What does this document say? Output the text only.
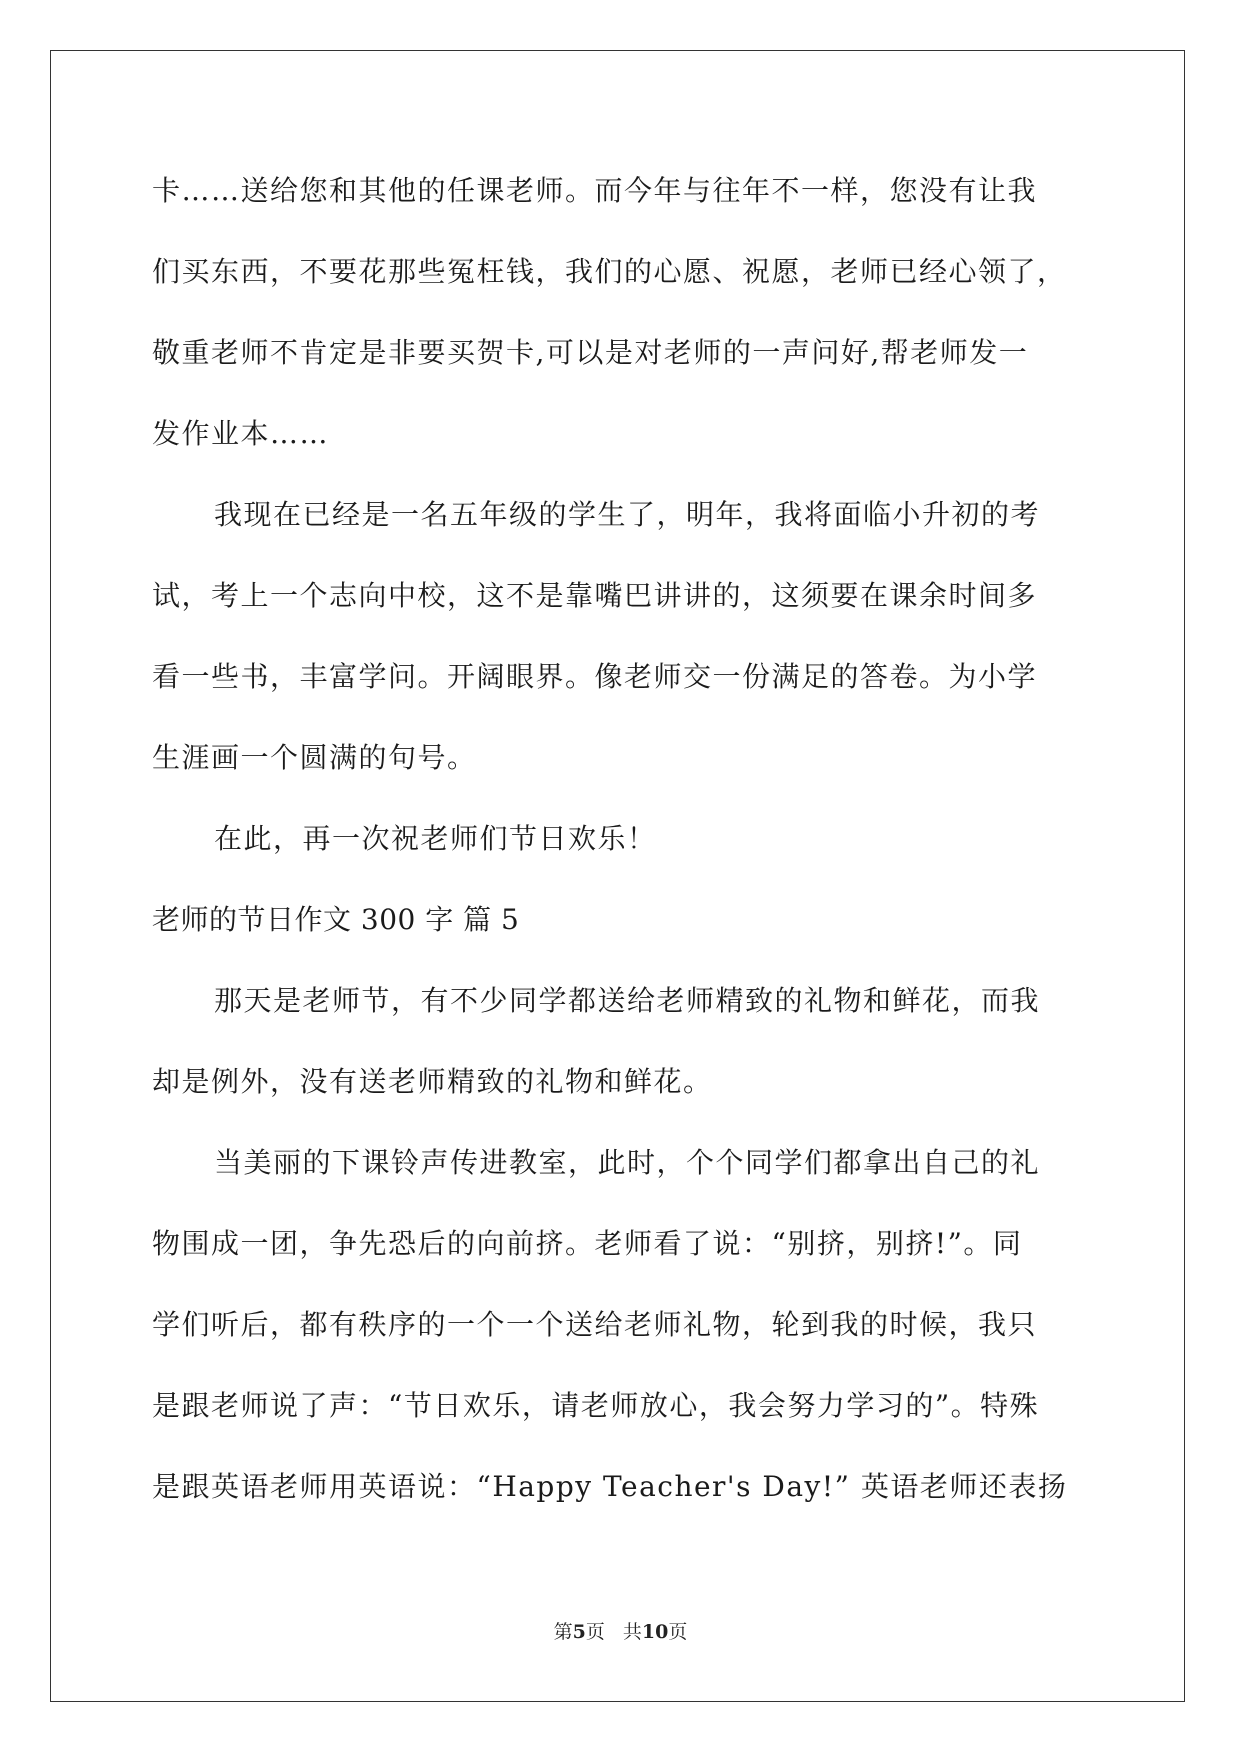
卡……送给您和其他的任课老师。而今年与往年不一样，您没有让我
们买东西，不要花那些冤枉钱，我们的心愿、祝愿，老师已经心领了，
敬重老师不肯定是非要买贺卡,可以是对老师的一声问好,帮老师发一
发作业本……
我现在已经是一名五年级的学生了，明年，我将面临小升初的考
试，考上一个志向中校，这不是靠嘴巴讲讲的，这须要在课余时间多
看一些书，丰富学问。开阔眼界。像老师交一份满足的答卷。为小学
生涯画一个圆满的句号。
在此，再一次祝老师们节日欢乐！
老师的节日作文 300 字 篇 5
那天是老师节，有不少同学都送给老师精致的礼物和鲜花，而我
却是例外，没有送老师精致的礼物和鲜花。
当美丽的下课铃声传进教室，此时，个个同学们都拿出自己的礼
物围成一团，争先恐后的向前挤。老师看了说：“别挤，别挤!”。同
学们听后，都有秩序的一个一个送给老师礼物，轮到我的时候，我只
是跟老师说了声：“节日欢乐，请老师放心，我会努力学习的”。特殊
是跟英语老师用英语说：“Happy Teacher's Day!” 英语老师还表扬
第5页 共10页
